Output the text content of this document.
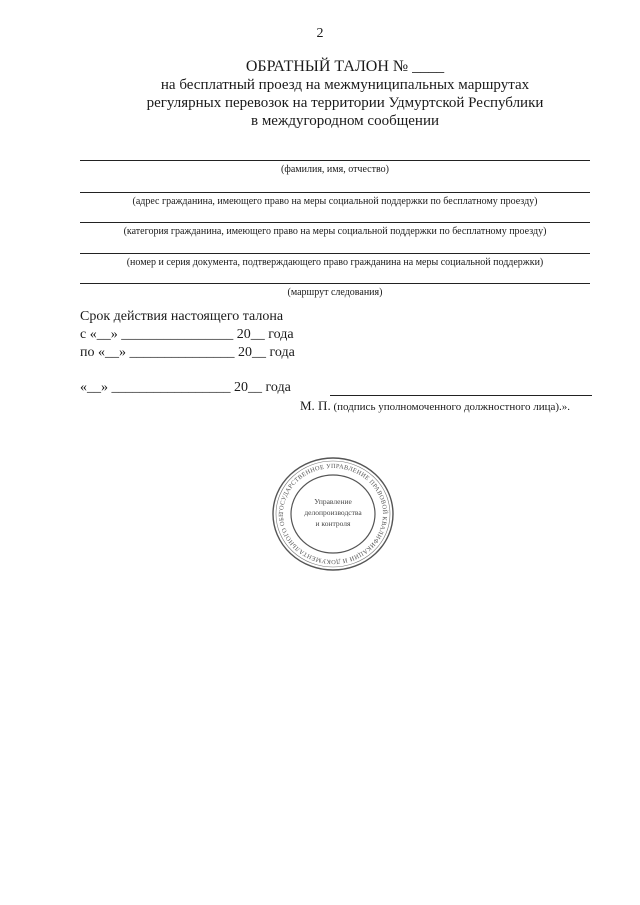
2
ОБРАТНЫЙ ТАЛОН № ____
на бесплатный проезд на межмуниципальных маршрутах
регулярных перевозок на территории Удмуртской Республики
в междугородном сообщении
(фамилия, имя, отчество)
(адрес гражданина, имеющего право на меры социальной поддержки по бесплатному проезду)
(категория гражданина, имеющего право на меры социальной поддержки по бесплатному проезду)
(номер и серия документа, подтверждающего право гражданина на меры социальной поддержки)
(маршрут следования)
Срок действия настоящего талона
с «__» ________________ 20__ года
по «__» _______________ 20__ года
«__» _________________ 20__ года
М. П. (подпись уполномоченного должностного лица).».
ГОСУДАРСТВЕННОЕ УПРАВЛЕНИЕ ПРАВОВОЙ КВАЛИФИКАЦИИ И ДОКУМЕНТАЛЬНОГО ОБЕ
Управление
делопроизводства
и контроля
